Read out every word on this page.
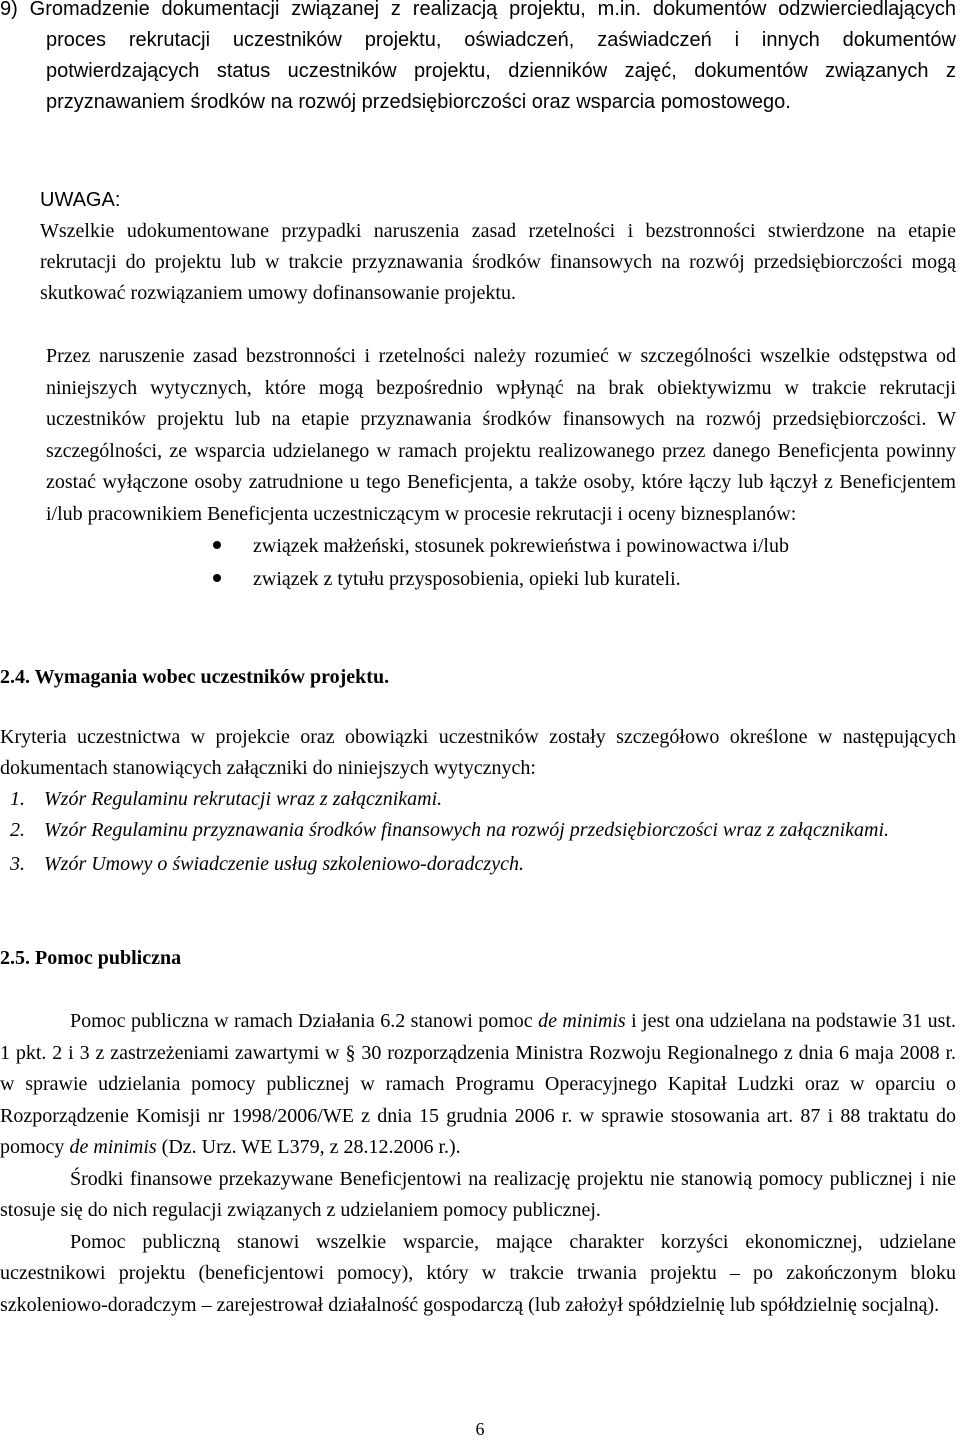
9) Gromadzenie dokumentacji związanej z realizacją projektu, m.in. dokumentów odzwierciedlających proces rekrutacji uczestników projektu, oświadczeń, zaświadczeń i innych dokumentów potwierdzających status uczestników projektu, dzienników zajęć, dokumentów związanych z przyznawaniem środków na rozwój przedsiębiorczości oraz wsparcia pomostowego.

UWAGA:

Wszelkie udokumentowane przypadki naruszenia zasad rzetelności i bezstronności stwierdzone na etapie rekrutacji do projektu lub w trakcie przyznawania środków finansowych na rozwój przedsiębiorczości mogą skutkować rozwiązaniem umowy dofinansowanie projektu.

Przez naruszenie zasad bezstronności i rzetelności należy rozumieć w szczególności wszelkie odstępstwa od niniejszych wytycznych, które mogą bezpośrednio wpłynąć na brak obiektywizmu w trakcie rekrutacji uczestników projektu lub na etapie przyznawania środków finansowych na rozwój przedsiębiorczości. W szczególności, ze wsparcia udzielanego w ramach projektu realizowanego przez danego Beneficjenta powinny zostać wyłączone osoby zatrudnione u tego Beneficjenta, a także osoby, które łączy lub łączył z Beneficjentem i/lub pracownikiem Beneficjenta uczestniczącym w procesie rekrutacji i oceny biznesplanów:

związek małżeński, stosunek pokrewieństwa i powinowactwa i/lub
związek z tytułu przysposobienia, opieki lub kurateli.

2.4. Wymagania wobec uczestników projektu.

Kryteria uczestnictwa w projekcie oraz obowiązki uczestników zostały szczegółowo określone w następujących dokumentach stanowiących załączniki do niniejszych wytycznych:

1. Wzór Regulaminu rekrutacji wraz z załącznikami.
2. Wzór Regulaminu przyznawania środków finansowych na rozwój przedsiębiorczości wraz z załącznikami.
3. Wzór Umowy o świadczenie usług szkoleniowo-doradczych.

2.5. Pomoc publiczna

Pomoc publiczna w ramach Działania 6.2 stanowi pomoc de minimis i jest ona udzielana na podstawie 31 ust. 1 pkt. 2 i 3 z zastrzeżeniami zawartymi w § 30 rozporządzenia Ministra Rozwoju Regionalnego z dnia 6 maja 2008 r. w sprawie udzielania pomocy publicznej w ramach Programu Operacyjnego Kapitał Ludzki oraz w oparciu o Rozporządzenie Komisji nr 1998/2006/WE z dnia 15 grudnia 2006 r. w sprawie stosowania art. 87 i 88 traktatu do pomocy de minimis (Dz. Urz. WE L379, z 28.12.2006 r.).

Środki finansowe przekazywane Beneficjentowi na realizację projektu nie stanowią pomocy publicznej i nie stosuje się do nich regulacji związanych z udzielaniem pomocy publicznej.

Pomoc publiczną stanowi wszelkie wsparcie, mające charakter korzyści ekonomicznej, udzielane uczestnikowi projektu (beneficjentowi pomocy), który w trakcie trwania projektu – po zakończonym bloku szkoleniowo-doradczym – zarejestrował działalność gospodarczą (lub założył spółdzielnię lub spółdzielnię socjalną).

6
